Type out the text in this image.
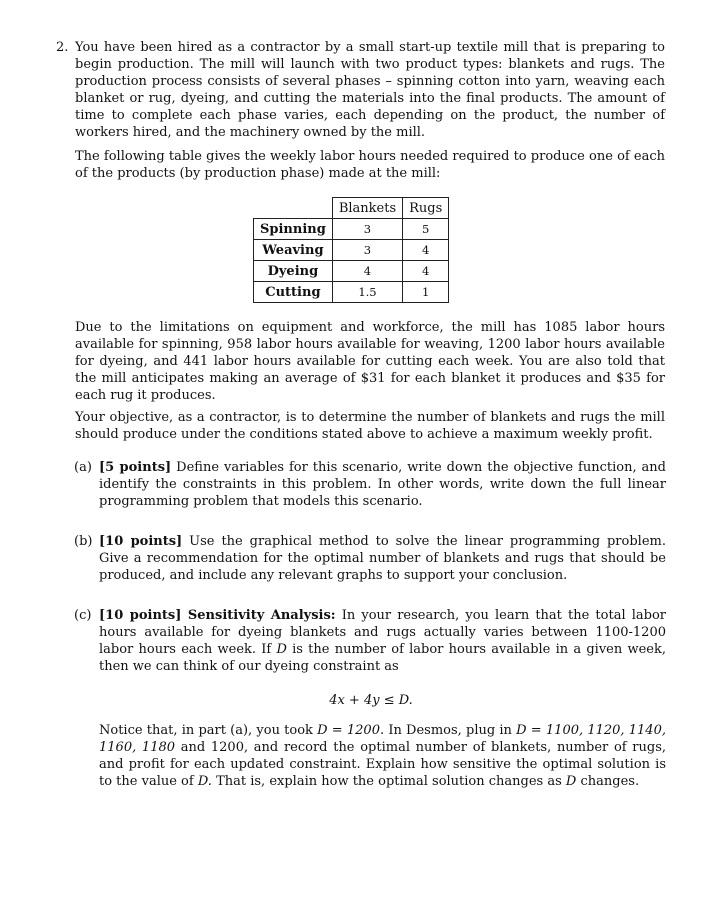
2. You have been hired as a contractor by a small start-up textile mill that is preparing to begin production. The mill will launch with two product types: blankets and rugs. The production process consists of several phases – spinning cotton into yarn, weaving each blanket or rug, dyeing, and cutting the materials into the final products. The amount of time to complete each phase varies, each depending on the product, the number of workers hired, and the machinery owned by the mill.

The following table gives the weekly labor hours needed required to produce one of each of the products (by production phase) made at the mill:

	Blankets	Rugs
Spinning	3	5
Weaving	3	4
Dyeing	4	4
Cutting	1.5	1

Due to the limitations on equipment and workforce, the mill has 1085 labor hours available for spinning, 958 labor hours available for weaving, 1200 labor hours available for dyeing, and 441 labor hours available for cutting each week. You are also told that the mill anticipates making an average of $31 for each blanket it produces and $35 for each rug it produces.

Your objective, as a contractor, is to determine the number of blankets and rugs the mill should produce under the conditions stated above to achieve a maximum weekly profit.

(a) [5 points] Define variables for this scenario, write down the objective function, and identify the constraints in this problem. In other words, write down the full linear programming problem that models this scenario.
(b) [10 points] Use the graphical method to solve the linear programming problem. Give a recommendation for the optimal number of blankets and rugs that should be produced, and include any relevant graphs to support your conclusion.
(c) [10 points] Sensitivity Analysis: In your research, you learn that the total labor hours available for dyeing blankets and rugs actually varies between 1100-1200 labor hours each week. If D is the number of labor hours available in a given week, then we can think of our dyeing constraint as
4x + 4y ≤ D.
Notice that, in part (a), you took D = 1200. In Desmos, plug in D = 1100, 1120, 1140, 1160, 1180 and 1200, and record the optimal number of blankets, number of rugs, and profit for each updated constraint. Explain how sensitive the optimal solution is to the value of D. That is, explain how the optimal solution changes as D changes.
